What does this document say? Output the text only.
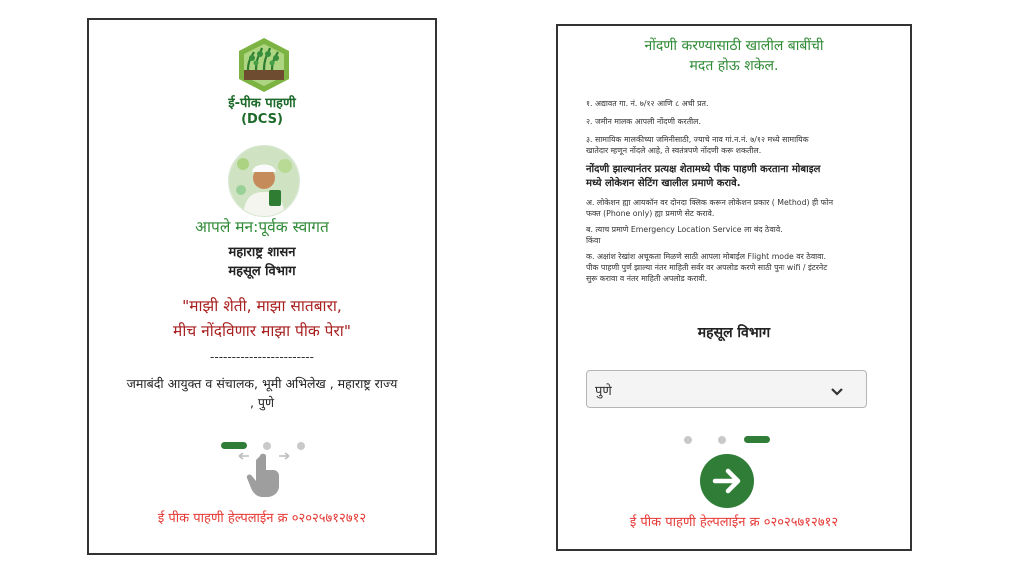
ई-पीक पाहणी
(DCS)
आपले मन:पूर्वक स्वागत
महाराष्ट्र शासन
महसूल विभाग
"माझी शेती, माझा सातबारा,
मीच नोंदविणार माझा पीक पेरा"
------------------------
जमाबंदी आयुक्त व संचालक, भूमी अभिलेख , महाराष्ट्र राज्य
, पुणे
ई पीक पाहणी हेल्पलाईन क्र ०२०२५७१२७१२
नोंदणी करण्यासाठी खालील बाबींची
मदत होऊ शकेल.

१. अद्यावत गा. नं. ७/१२ आणि ८ अची प्रत.

२. जमीन मालक आपली नोंदणी करतील.

३. सामायिक मालकीच्या जमिनीसाठी, ज्याचे नाव गां.न.नं. ७/१२ मध्ये सामायिक
खातेदार म्हणून नोंदले आहे, ते स्वतंत्रपणे नोंदणी करू शकतील.

नोंदणी झाल्यानंतर प्रत्यक्ष शेतामध्ये पीक पाहणी करताना मोबाइल
मध्ये लोकेशन सेटिंग खालील प्रमाणे करावे.

अ. लोकेशन ह्या आयकॉन वर दोनदा क्लिक करून लोकेशन प्रकार ( Method) ही फोन
फक्त (Phone only) ह्या प्रमाणे सेट करावे.

ब. त्याच प्रमाणे Emergency Location Service ला बंद ठेवावे.
किंवा

क. अक्षांश रेखांश अचूकता मिळणे साठी आपला मोबाईल Flight mode वर ठेवावा.
पीक पाहणी पुर्ण झाल्या नंतर माहिती सर्वर वर अपलोड करणे साठी पुनः wifi / इंटरनेट
सुरू करावा व नंतर माहिती अपलोड करावी.

महसूल विभाग
पुणे
ई पीक पाहणी हेल्पलाईन क्र ०२०२५७१२७१२
